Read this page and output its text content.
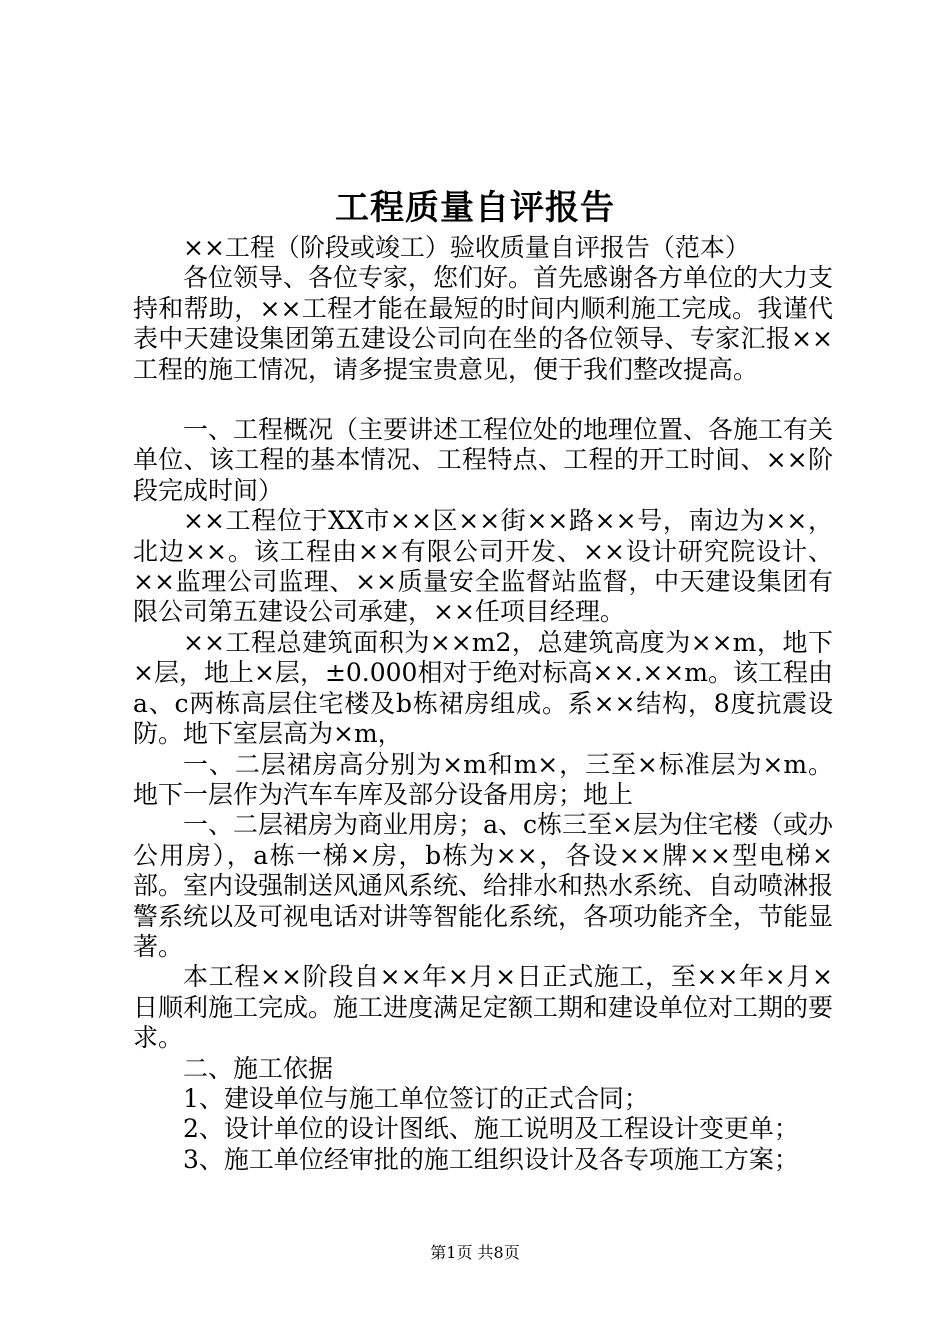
工程质量自评报告

××工程（阶段或竣工）验收质量自评报告（范本）

各位领导、各位专家，您们好。首先感谢各方单位的大力支持和帮助，××工程才能在最短的时间内顺利施工完成。我谨代表中天建设集团第五建设公司向在坐的各位领导、专家汇报××工程的施工情况，请多提宝贵意见，便于我们整改提高。

一、工程概况（主要讲述工程位处的地理位置、各施工有关单位、该工程的基本情况、工程特点、工程的开工时间、××阶段完成时间）

××工程位于XX市××区××街××路××号，南边为××，北边××。该工程由××有限公司开发、××设计研究院设计、××监理公司监理、××质量安全监督站监督，中天建设集团有限公司第五建设公司承建，××任项目经理。

××工程总建筑面积为××m2，总建筑高度为××m，地下×层，地上×层，±0.000相对于绝对标高××.××m。该工程由a、c两栋高层住宅楼及b栋裙房组成。系××结构，8度抗震设防。地下室层高为×m，

一、二层裙房高分别为×m和m×，三至×标准层为×m。地下一层作为汽车车库及部分设备用房；地上

一、二层裙房为商业用房；a、c栋三至×层为住宅楼（或办公用房），a栋一梯×房，b栋为××，各设××牌××型电梯×部。室内设强制送风通风系统、给排水和热水系统、自动喷淋报警系统以及可视电话对讲等智能化系统，各项功能齐全，节能显著。

本工程××阶段自××年×月×日正式施工，至××年×月×日顺利施工完成。施工进度满足定额工期和建设单位对工期的要求。

二、施工依据

1、建设单位与施工单位签订的正式合同；

2、设计单位的设计图纸、施工说明及工程设计变更单；

3、施工单位经审批的施工组织设计及各专项施工方案；

第1页 共8页
